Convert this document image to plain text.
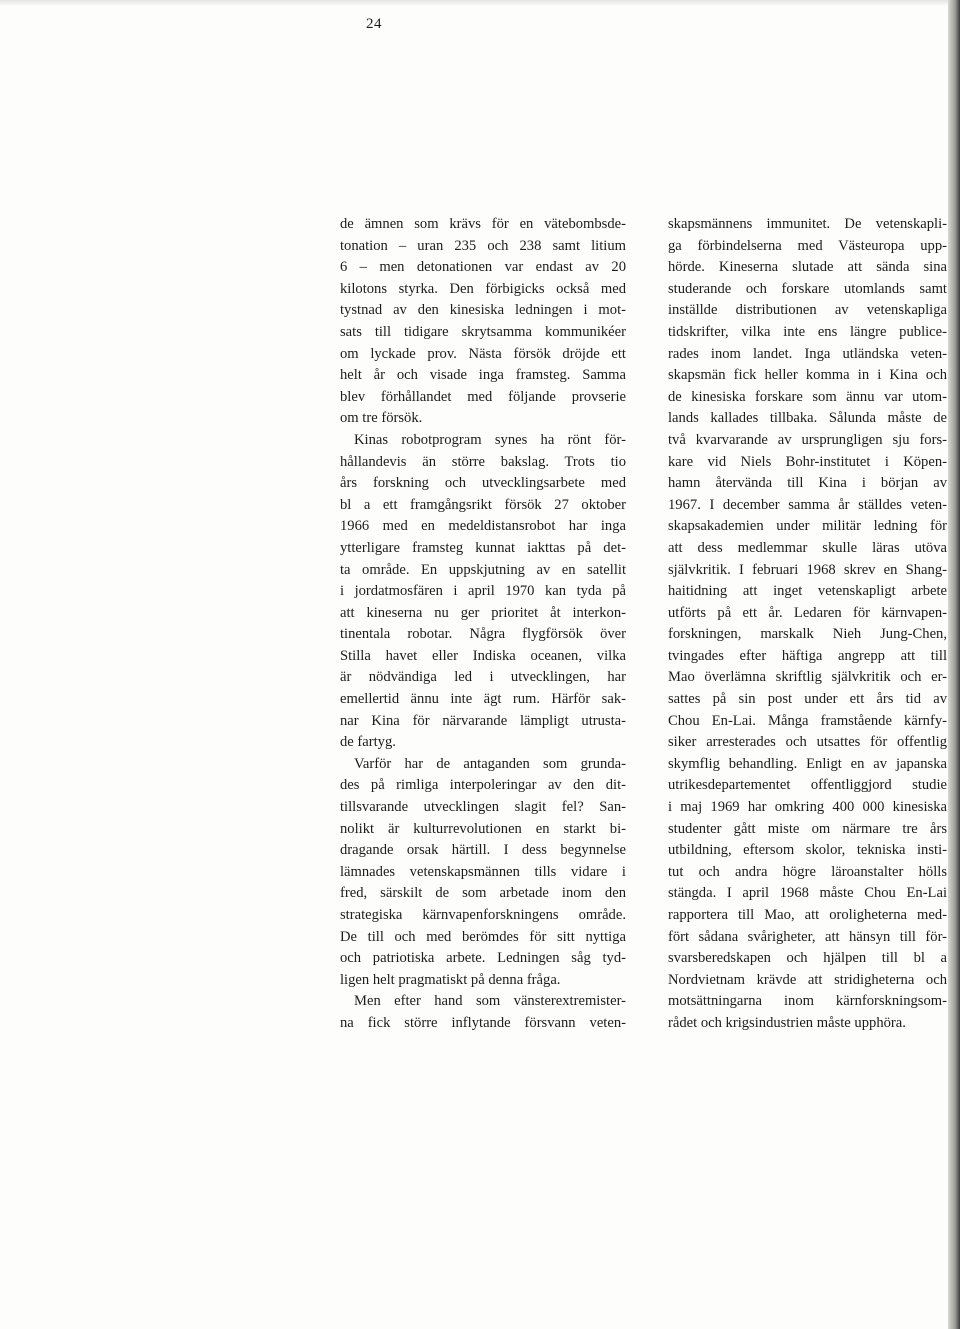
24
de ämnen som krävs för en vätebombsde-
tonation – uran 235 och 238 samt litium
6 – men detonationen var endast av 20
kilotons styrka. Den förbigicks också med
tystnad av den kinesiska ledningen i mot-
sats till tidigare skrytsamma kommunikéer
om lyckade prov. Nästa försök dröjde ett
helt år och visade inga framsteg. Samma
blev förhållandet med följande provserie
om tre försök.
Kinas robotprogram synes ha rönt för-
hållandevis än större bakslag. Trots tio
års forskning och utvecklingsarbete med
bl a ett framgångsrikt försök 27 oktober
1966 med en medeldistansrobot har inga
ytterligare framsteg kunnat iakttas på det-
ta område. En uppskjutning av en satellit
i jordatmosfären i april 1970 kan tyda på
att kineserna nu ger prioritet åt interkon-
tinentala robotar. Några flygförsök över
Stilla havet eller Indiska oceanen, vilka
är nödvändiga led i utvecklingen, har
emellertid ännu inte ägt rum. Härför sak-
nar Kina för närvarande lämpligt utrusta-
de fartyg.
Varför har de antaganden som grunda-
des på rimliga interpoleringar av den dit-
tillsvarande utvecklingen slagit fel? San-
nolikt är kulturrevolutionen en starkt bi-
dragande orsak härtill. I dess begynnelse
lämnades vetenskapsmännen tills vidare i
fred, särskilt de som arbetade inom den
strategiska kärnvapenforskningens område.
De till och med berömdes för sitt nyttiga
och patriotiska arbete. Ledningen såg tyd-
ligen helt pragmatiskt på denna fråga.
Men efter hand som vänsterextremister-
na fick större inflytande försvann veten-
skapsmännens immunitet. De vetenskapli-
ga förbindelserna med Västeuropa upp-
hörde. Kineserna slutade att sända sina
studerande och forskare utomlands samt
inställde distributionen av vetenskapliga
tidskrifter, vilka inte ens längre publice-
rades inom landet. Inga utländska veten-
skapsmän fick heller komma in i Kina och
de kinesiska forskare som ännu var utom-
lands kallades tillbaka. Sålunda måste de
två kvarvarande av ursprungligen sju fors-
kare vid Niels Bohr-institutet i Köpen-
hamn återvända till Kina i början av
1967. I december samma år ställdes veten-
skapsakademien under militär ledning för
att dess medlemmar skulle läras utöva
självkritik. I februari 1968 skrev en Shang-
haitidning att inget vetenskapligt arbete
utförts på ett år. Ledaren för kärnvapen-
forskningen, marskalk Nieh Jung-Chen,
tvingades efter häftiga angrepp att till
Mao överlämna skriftlig självkritik och er-
sattes på sin post under ett års tid av
Chou En-Lai. Många framstående kärnfy-
siker arresterades och utsattes för offentlig
skymflig behandling. Enligt en av japanska
utrikesdepartementet offentliggjord studie
i maj 1969 har omkring 400 000 kinesiska
studenter gått miste om närmare tre års
utbildning, eftersom skolor, tekniska insti-
tut och andra högre läroanstalter hölls
stängda. I april 1968 måste Chou En-Lai
rapportera till Mao, att oroligheterna med-
fört sådana svårigheter, att hänsyn till för-
svarsberedskapen och hjälpen till bl a
Nordvietnam krävde att stridigheterna och
motsättningarna inom kärnforskningsom-
rådet och krigsindustrien måste upphöra.
